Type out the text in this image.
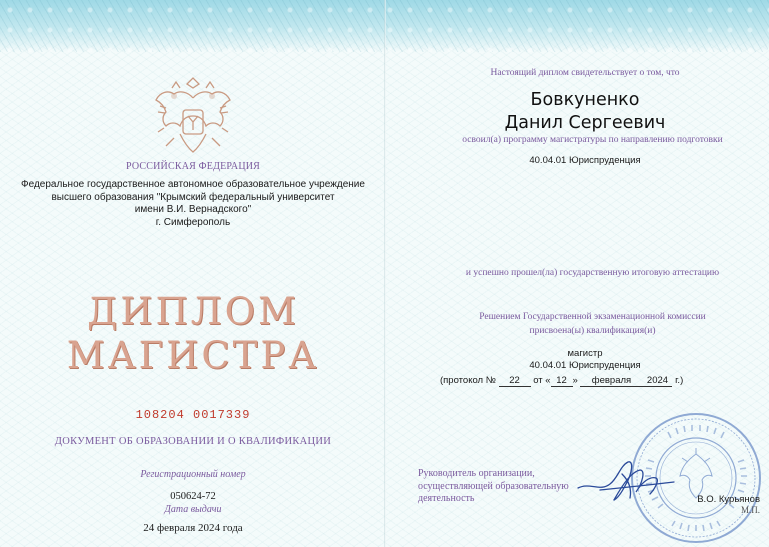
РОССИЙСКАЯ ФЕДЕРАЦИЯ
Федеральное государственное автономное образовательное учреждение
высшего образования "Крымский федеральный университет
имени В.И. Вернадского"
г. Симферополь
ДИПЛОМ
МАГИСТРА
108204 0017339
ДОКУМЕНТ ОБ ОБРАЗОВАНИИ И О КВАЛИФИКАЦИИ
Регистрационный номер
050624-72
Дата выдачи
24 февраля 2024 года
Настоящий диплом свидетельствует о том, что
Бовкуненко
Данил Сергеевич
освоил(а) программу магистратуры по направлению подготовки
40.04.01 Юриспруденция
и успешно прошел(ла) государственную итоговую аттестацию
Решением Государственной экзаменационной комиссии
присвоена(ы) квалификация(и)
магистр
40.04.01 Юриспруденция
(протокол № 22 от « 12 » февраля 2024 г.)
Руководитель организации,
осуществляющей образовательную
деятельность	В.О. Курьянов
М.П.
